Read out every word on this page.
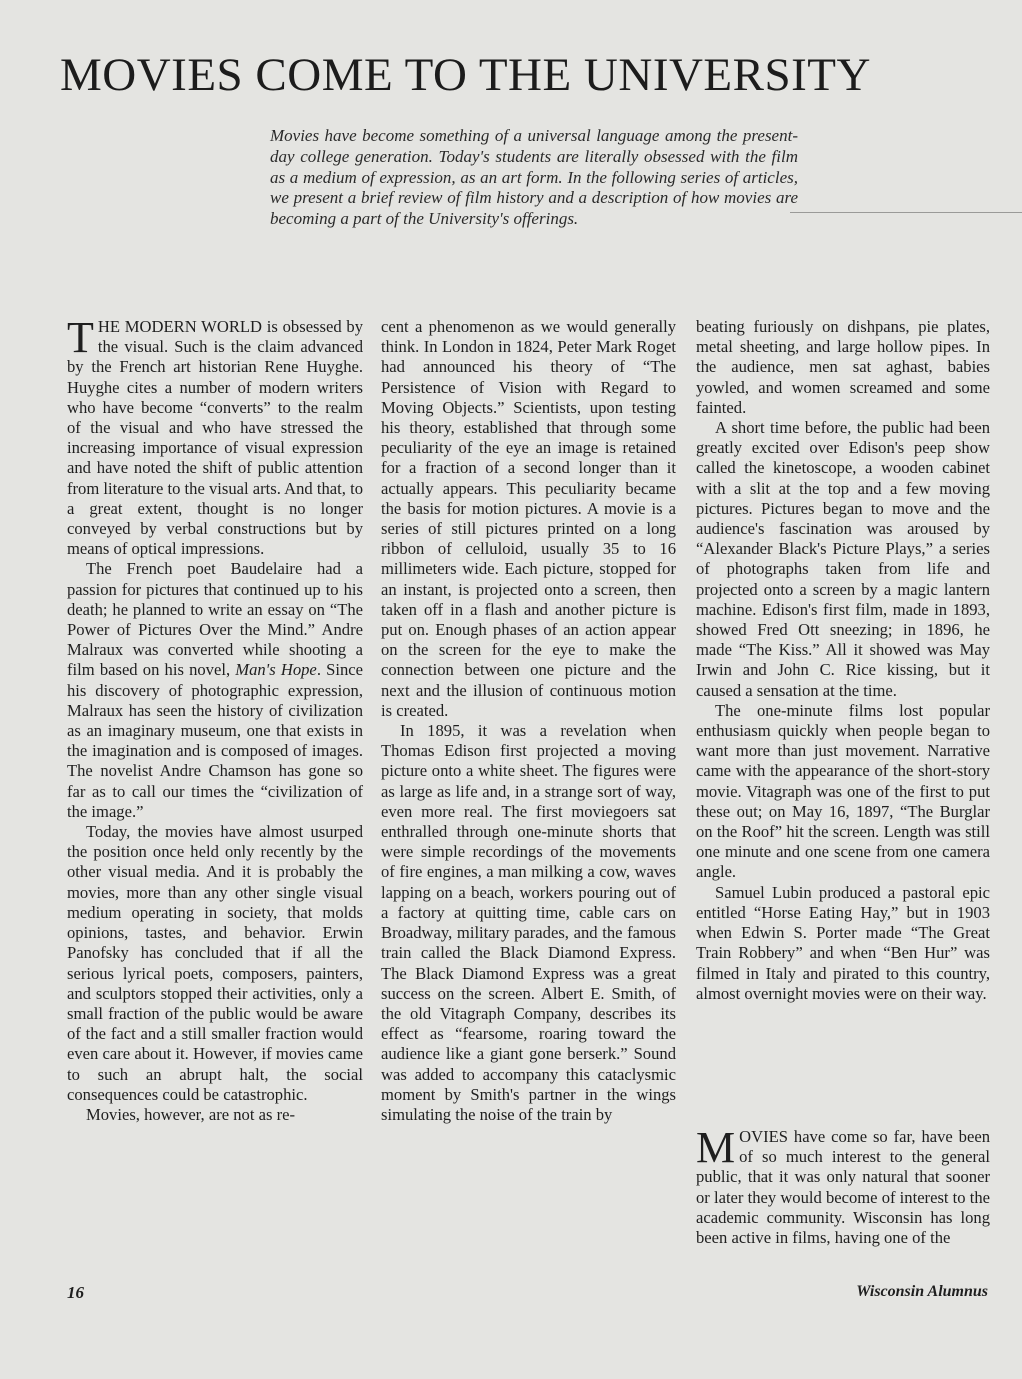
MOVIES COME TO THE UNIVERSITY

Movies have become something of a universal language among the present-day college generation. Today's students are literally obsessed with the film as a medium of expression, as an art form. In the following series of articles, we present a brief review of film history and a description of how movies are becoming a part of the University's offerings.

THE MODERN WORLD is obsessed by the visual. Such is the claim advanced by the French art historian Rene Huyghe. Huyghe cites a number of modern writers who have become “converts” to the realm of the visual and who have stressed the increasing importance of visual expression and have noted the shift of public attention from literature to the visual arts. And that, to a great extent, thought is no longer conveyed by verbal constructions but by means of optical impressions.

The French poet Baudelaire had a passion for pictures that continued up to his death; he planned to write an essay on “The Power of Pictures Over the Mind.” Andre Malraux was converted while shooting a film based on his novel, Man's Hope. Since his discovery of photographic expression, Malraux has seen the history of civilization as an imaginary museum, one that exists in the imagination and is composed of images. The novelist Andre Chamson has gone so far as to call our times the “civilization of the image.”

Today, the movies have almost usurped the position once held only recently by the other visual media. And it is probably the movies, more than any other single visual medium operating in society, that molds opinions, tastes, and behavior. Erwin Panofsky has concluded that if all the serious lyrical poets, composers, painters, and sculptors stopped their activities, only a small fraction of the public would be aware of the fact and a still smaller fraction would even care about it. However, if movies came to such an abrupt halt, the social consequences could be catastrophic.

Movies, however, are not as re-

cent a phenomenon as we would generally think. In London in 1824, Peter Mark Roget had announced his theory of “The Persistence of Vision with Regard to Moving Objects.” Scientists, upon testing his theory, established that through some peculiarity of the eye an image is retained for a fraction of a second longer than it actually appears. This peculiarity became the basis for motion pictures. A movie is a series of still pictures printed on a long ribbon of celluloid, usually 35 to 16 millimeters wide. Each picture, stopped for an instant, is projected onto a screen, then taken off in a flash and another picture is put on. Enough phases of an action appear on the screen for the eye to make the connection between one picture and the next and the illusion of continuous motion is created.

In 1895, it was a revelation when Thomas Edison first projected a moving picture onto a white sheet. The figures were as large as life and, in a strange sort of way, even more real. The first moviegoers sat enthralled through one-minute shorts that were simple recordings of the movements of fire engines, a man milking a cow, waves lapping on a beach, workers pouring out of a factory at quitting time, cable cars on Broadway, military parades, and the famous train called the Black Diamond Express. The Black Diamond Express was a great success on the screen. Albert E. Smith, of the old Vitagraph Company, describes its effect as “fearsome, roaring toward the audience like a giant gone berserk.” Sound was added to accompany this cataclysmic moment by Smith's partner in the wings simulating the noise of the train by

beating furiously on dishpans, pie plates, metal sheeting, and large hollow pipes. In the audience, men sat aghast, babies yowled, and women screamed and some fainted.

A short time before, the public had been greatly excited over Edison's peep show called the kinetoscope, a wooden cabinet with a slit at the top and a few moving pictures. Pictures began to move and the audience's fascination was aroused by “Alexander Black's Picture Plays,” a series of photographs taken from life and projected onto a screen by a magic lantern machine. Edison's first film, made in 1893, showed Fred Ott sneezing; in 1896, he made “The Kiss.” All it showed was May Irwin and John C. Rice kissing, but it caused a sensation at the time.

The one-minute films lost popular enthusiasm quickly when people began to want more than just movement. Narrative came with the appearance of the short-story movie. Vitagraph was one of the first to put these out; on May 16, 1897, “The Burglar on the Roof” hit the screen. Length was still one minute and one scene from one camera angle.

Samuel Lubin produced a pastoral epic entitled “Horse Eating Hay,” but in 1903 when Edwin S. Porter made “The Great Train Robbery” and when “Ben Hur” was filmed in Italy and pirated to this country, almost overnight movies were on their way.

MOVIES have come so far, have been of so much interest to the general public, that it was only natural that sooner or later they would become of interest to the academic community. Wisconsin has long been active in films, having one of the

16	Wisconsin Alumnus
